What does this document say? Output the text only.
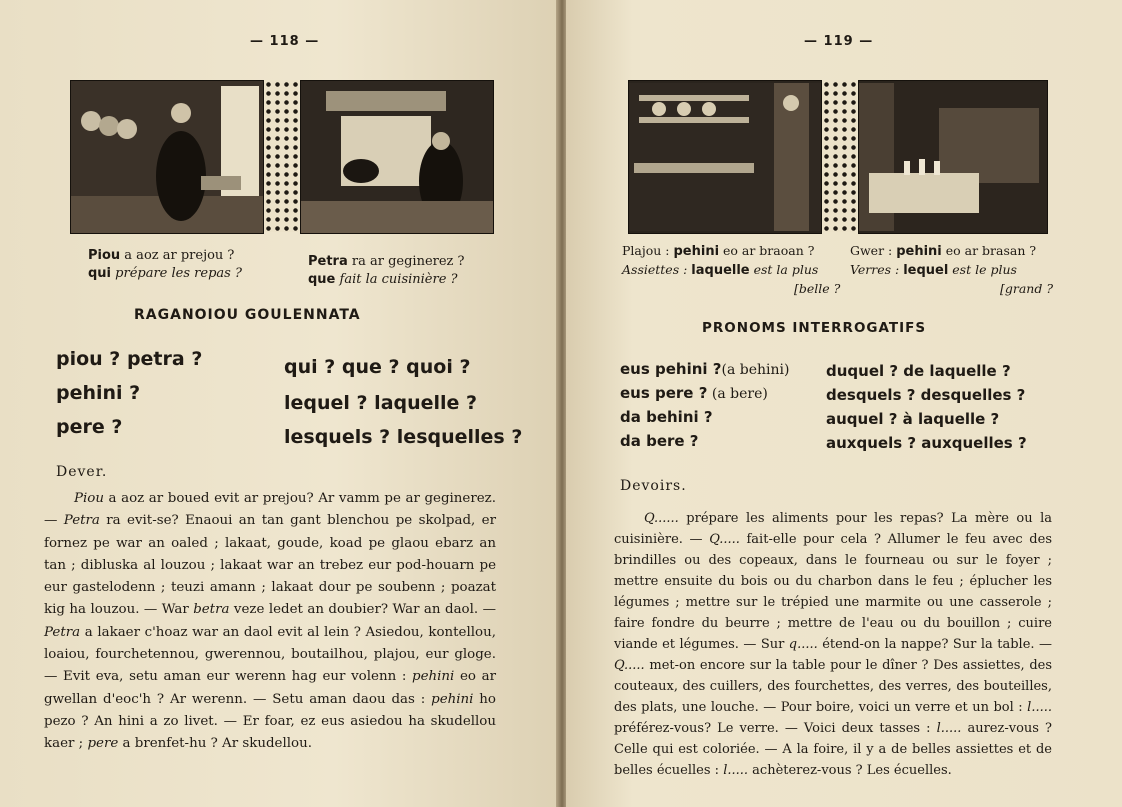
— 118 —
Piou a aoz ar prejou ?
qui prépare les repas ?
Petra ra ar geginerez ?
que fait la cuisinière ?
RAGANOIOU GOULENNATA
piou ? petra ?
pehini ?
pere ?
qui ? que ? quoi ?
lequel ? laquelle ?
lesquels ? lesquelles ?
Dever.
Piou a aoz ar boued evit ar prejou? Ar vamm pe ar geginerez. — Petra ra evit-se? Enaoui an tan gant blenchou pe skolpad, er fornez pe war an oaled ; lakaat, goude, koad pe glaou ebarz an tan ; dibluska al louzou ; lakaat war an trebez eur pod-houarn pe eur gastelodenn ; teuzi amann ; lakaat dour pe soubenn ; poazat kig ha louzou. — War betra veze ledet an doubier? War an daol. — Petra a lakaer c'hoaz war an daol evit al lein ? Asiedou, kontellou, loaiou, fourchetennou, gwerennou, boutailhou, plajou, eur gloge. — Evit eva, setu aman eur werenn hag eur volenn : pehini eo ar gwellan d'eoc'h ? Ar werenn. — Setu aman daou das : pehini ho pezo ? An hini a zo livet. — Er foar, ez eus asiedou ha skudellou kaer ; pere a brenfet-hu ? Ar skudellou.
— 119 —
Plajou : pehini eo ar braoan ?
Assiettes : laquelle est la plus
[belle ?
Gwer : pehini eo ar brasan ?
Verres : lequel est le plus
[grand ?
PRONOMS INTERROGATIFS
eus pehini ?(a behini)
eus pere ? (a bere)
da behini ?
da bere ?
duquel ? de laquelle ?
desquels ? desquelles ?
auquel ? à laquelle ?
auxquels ? auxquelles ?
Devoirs.
Q...... prépare les aliments pour les repas? La mère ou la cuisinière. — Q..... fait-elle pour cela ? Allumer le feu avec des brindilles ou des copeaux, dans le fourneau ou sur le foyer ; mettre ensuite du bois ou du charbon dans le feu ; éplucher les légumes ; mettre sur le trépied une marmite ou une casserole ; faire fondre du beurre ; mettre de l'eau ou du bouillon ; cuire viande et légumes. — Sur q..... étend-on la nappe? Sur la table. — Q..... met-on encore sur la table pour le dîner ? Des assiettes, des couteaux, des cuillers, des fourchettes, des verres, des bouteilles, des plats, une louche. — Pour boire, voici un verre et un bol : l..... préférez-vous? Le verre. — Voici deux tasses : l..... aurez-vous ? Celle qui est coloriée. — A la foire, il y a de belles assiettes et de belles écuelles : l..... achèterez-vous ? Les écuelles.
